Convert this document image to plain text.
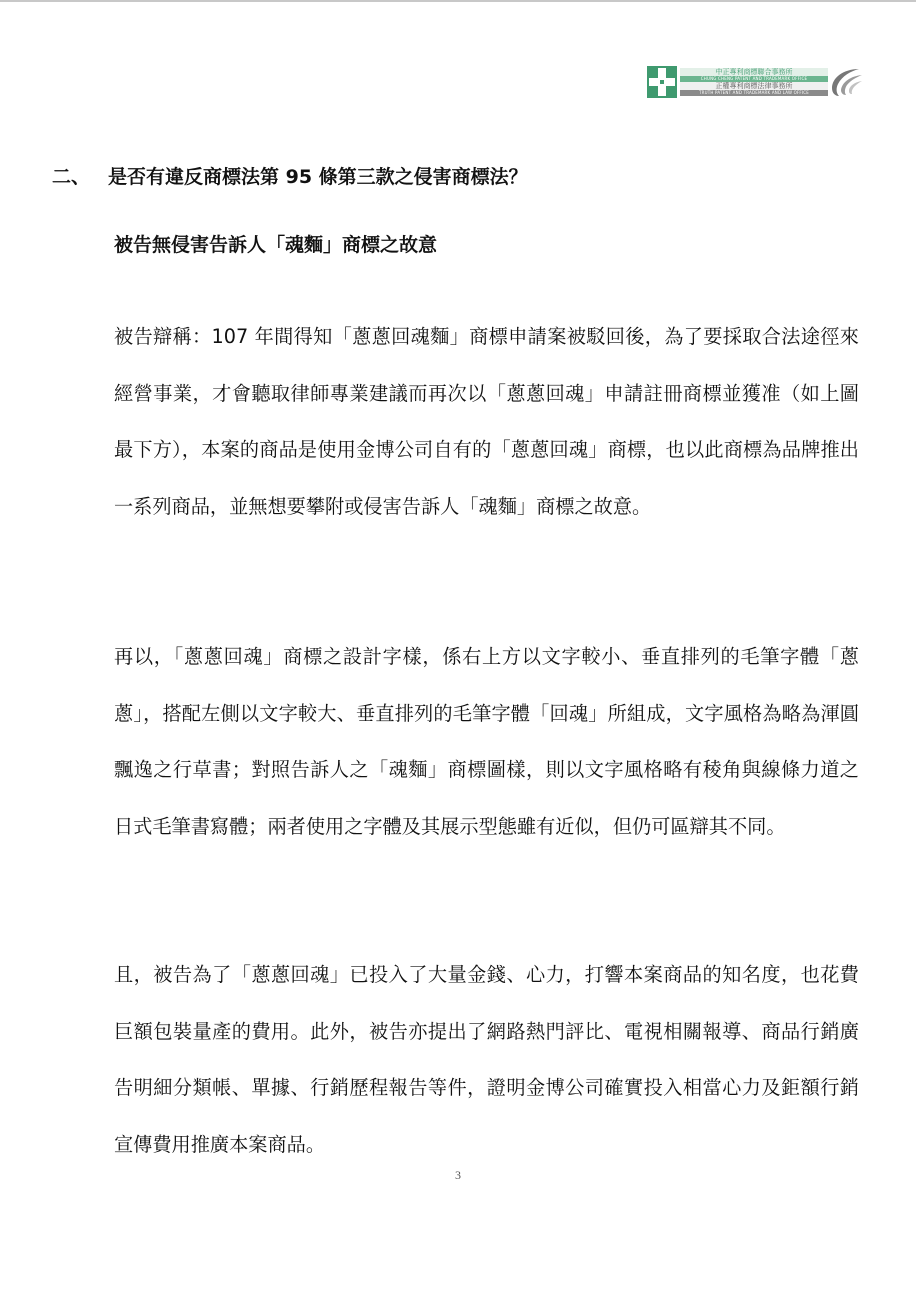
中正專利商標聯合事務所
CHUNG CHENG PATENT AND TRADEMARK OFFICE
正權專利商標法律事務所
TRUTH PATENT AND TRADEMARK AND LAW OFFICE
二、 是否有違反商標法第 95 條第三款之侵害商標法？
被告無侵害告訴人「魂麵」商標之故意

被告辯稱：107 年間得知「蔥蔥回魂麵」商標申請案被駁回後，為了要採取合法途徑來經營事業，才會聽取律師專業建議而再次以「蔥蔥回魂」申請註冊商標並獲准（如上圖最下方），本案的商品是使用金博公司自有的「蔥蔥回魂」商標，也以此商標為品牌推出一系列商品，並無想要攀附或侵害告訴人「魂麵」商標之故意。

再以，「蔥蔥回魂」商標之設計字樣，係右上方以文字較小、垂直排列的毛筆字體「蔥蔥」，搭配左側以文字較大、垂直排列的毛筆字體「回魂」所組成，文字風格為略為渾圓飄逸之行草書；對照告訴人之「魂麵」商標圖樣，則以文字風格略有稜角與線條力道之日式毛筆書寫體；兩者使用之字體及其展示型態雖有近似，但仍可區辯其不同。

且，被告為了「蔥蔥回魂」已投入了大量金錢、心力，打響本案商品的知名度，也花費巨額包裝量產的費用。此外，被告亦提出了網路熱門評比、電視相關報導、商品行銷廣告明細分類帳、單據、行銷歷程報告等件，證明金博公司確實投入相當心力及鉅額行銷宣傳費用推廣本案商品。

3
